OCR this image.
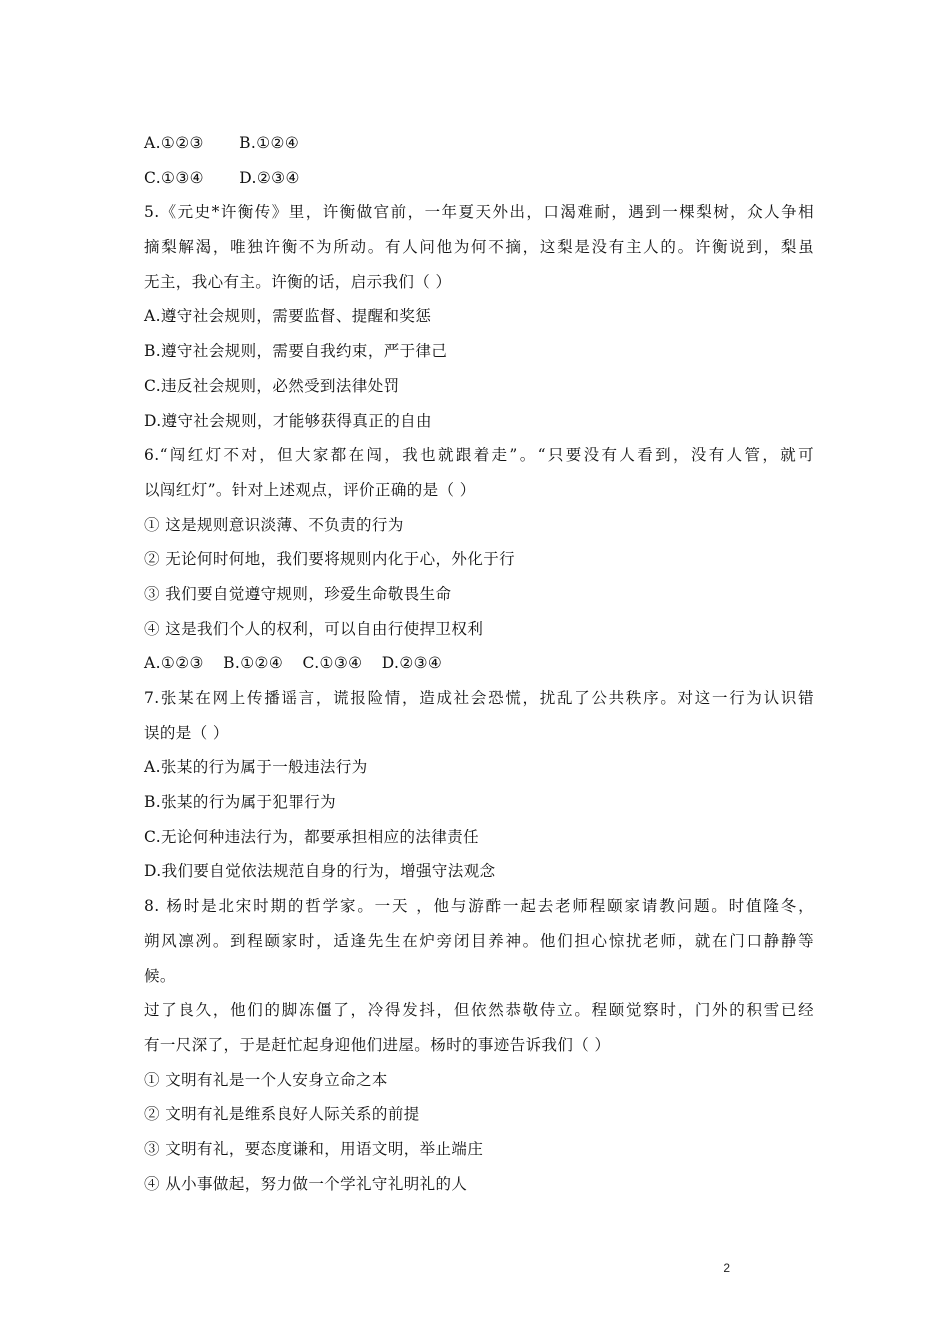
A.①②③ B.①②④
C.①③④ D.②③④
5.《元史*许衡传》里，许衡做官前，一年夏天外出，口渴难耐，遇到一棵梨树，众人争相
摘梨解渴，唯独许衡不为所动。有人问他为何不摘，这梨是没有主人的。许衡说到，梨虽
无主，我心有主。许衡的话，启示我们（ ）
A.遵守社会规则，需要监督、提醒和奖惩
B.遵守社会规则，需要自我约束，严于律己
C.违反社会规则，必然受到法律处罚
D.遵守社会规则，才能够获得真正的自由
6.“闯红灯不对，但大家都在闯，我也就跟着走”。“只要没有人看到，没有人管，就可
以闯红灯”。针对上述观点，评价正确的是（ ）
① 这是规则意识淡薄、不负责的行为
② 无论何时何地，我们要将规则内化于心，外化于行
③ 我们要自觉遵守规则，珍爱生命敬畏生命
④ 这是我们个人的权利，可以自由行使捍卫权利
A.①②③ B.①②④ C.①③④ D.②③④
7.张某在网上传播谣言，谎报险情，造成社会恐慌，扰乱了公共秩序。对这一行为认识错
误的是（ ）
A.张某的行为属于一般违法行为
B.张某的行为属于犯罪行为
C.无论何种违法行为，都要承担相应的法律责任
D.我们要自觉依法规范自身的行为，增强守法观念
8. 杨时是北宋时期的哲学家。一天 ，他与游酢一起去老师程颐家请教问题。时值隆冬，
朔风凛冽。到程颐家时，适逢先生在炉旁闭目养神。他们担心惊扰老师，就在门口静静等
候。
过了良久，他们的脚冻僵了，冷得发抖，但依然恭敬侍立。程颐觉察时，门外的积雪已经
有一尺深了，于是赶忙起身迎他们进屋。杨时的事迹告诉我们（ ）
① 文明有礼是一个人安身立命之本
② 文明有礼是维系良好人际关系的前提
③ 文明有礼，要态度谦和，用语文明，举止端庄
④ 从小事做起，努力做一个学礼守礼明礼的人
2
